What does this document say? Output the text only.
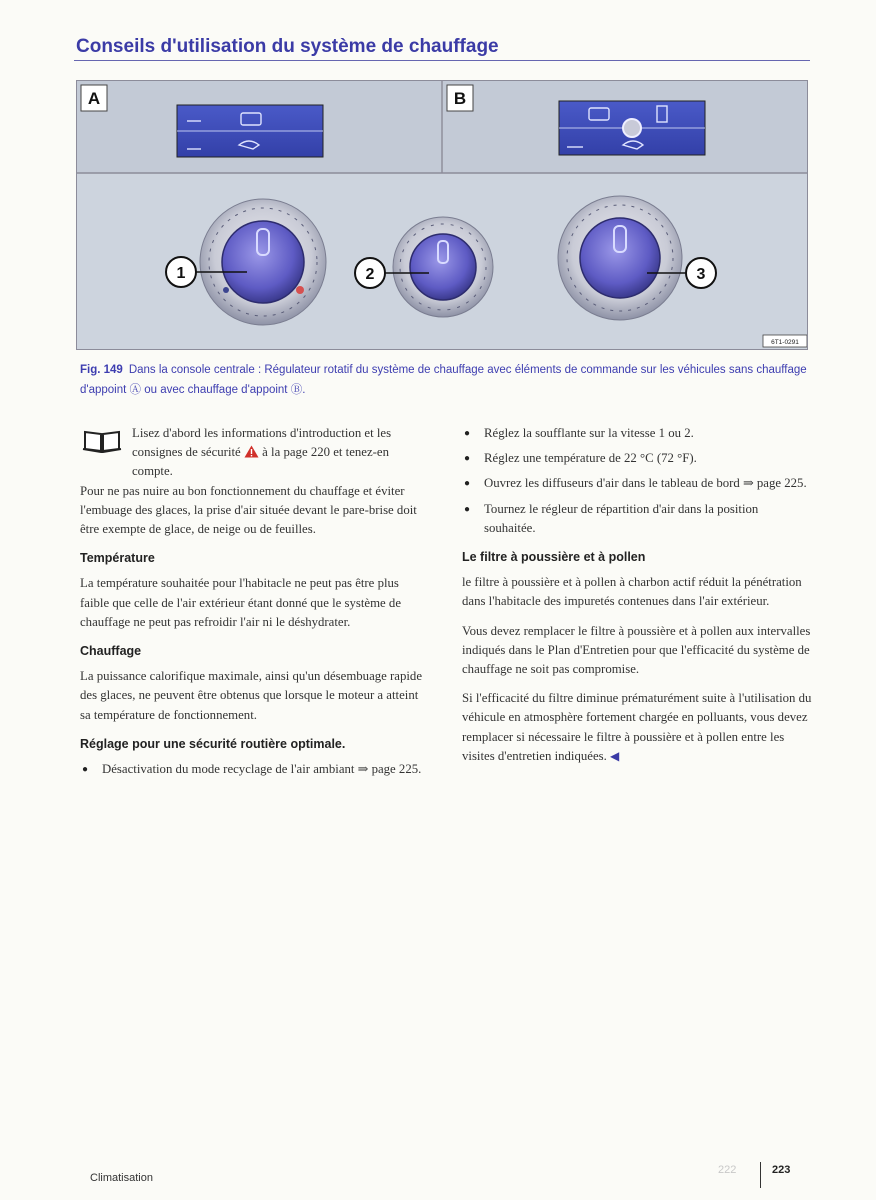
Conseils d'utilisation du système de chauffage
A	B
1	2	3
6T1-0291
Fig. 149 Dans la console centrale : Régulateur rotatif du système de chauffage avec éléments de commande sur les véhicules sans chauffage d'appoint Ⓐ ou avec chauffage d'appoint Ⓑ.
Lisez d'abord les informations d'introduction et les consignes de sécurité à la page 220 et tenez-en compte.

Pour ne pas nuire au bon fonctionnement du chauffage et éviter l'embuage des glaces, la prise d'air située devant le pare-brise doit être exempte de glace, de neige ou de feuilles.

Température

La température souhaitée pour l'habitacle ne peut pas être plus faible que celle de l'air extérieur étant donné que le système de chauffage ne peut pas refroidir l'air ni le déshydrater.

Chauffage

La puissance calorifique maximale, ainsi qu'un désembuage rapide des glaces, ne peuvent être obtenus que lorsque le moteur a atteint sa température de fonctionnement.

Réglage pour une sécurité routière optimale.
● Désactivation du mode recyclage de l'air ambiant ⇒ page 225.
● Réglez la soufflante sur la vitesse 1 ou 2.
● Réglez une température de 22 °C (72 °F).
● Ouvrez les diffuseurs d'air dans le tableau de bord ⇒ page 225.
● Tournez le régleur de répartition d'air dans la position souhaitée.
Le filtre à poussière et à pollen

le filtre à poussière et à pollen à charbon actif réduit la pénétration dans l'habitacle des impuretés contenues dans l'air extérieur.

Vous devez remplacer le filtre à poussière et à pollen aux intervalles indiqués dans le Plan d'Entretien pour que l'efficacité du système de chauffage ne soit pas compromise.

Si l'efficacité du filtre diminue prématurément suite à l'utilisation du véhicule en atmosphère fortement chargée en polluants, vous devez remplacer si nécessaire le filtre à poussière et à pollen entre les visites d'entretien indiquées. ◀

Climatisation
222	223
